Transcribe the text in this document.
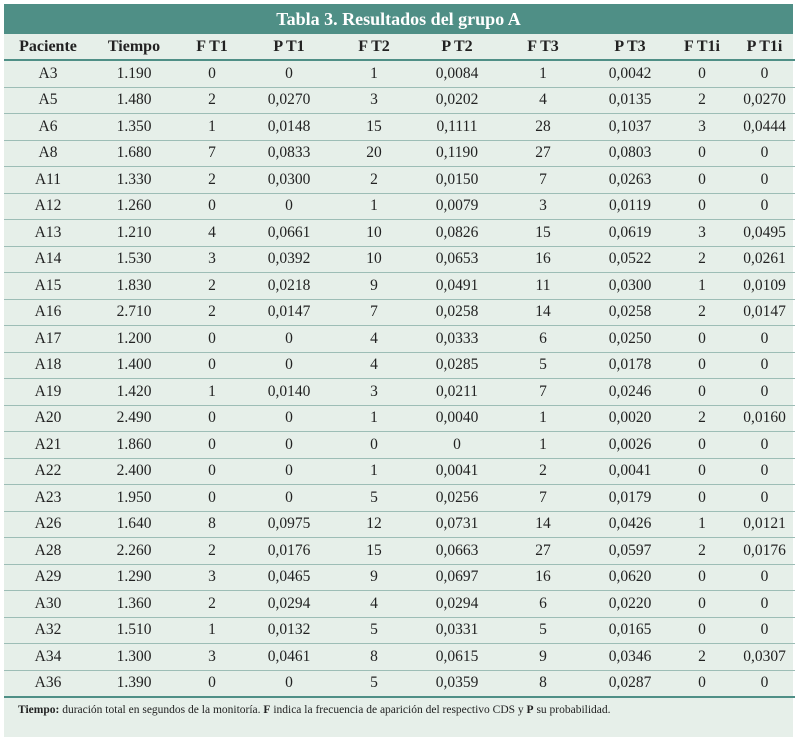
Tabla 3. Resultados del grupo A
Paciente	Tiempo	F T1	P T1	F T2	P T2	F T3	P T3	F T1i	P T1i
A3	1.190	0	0	1	0,0084	1	0,0042	0	0
A5	1.480	2	0,0270	3	0,0202	4	0,0135	2	0,0270
A6	1.350	1	0,0148	15	0,1111	28	0,1037	3	0,0444
A8	1.680	7	0,0833	20	0,1190	27	0,0803	0	0
A11	1.330	2	0,0300	2	0,0150	7	0,0263	0	0
A12	1.260	0	0	1	0,0079	3	0,0119	0	0
A13	1.210	4	0,0661	10	0,0826	15	0,0619	3	0,0495
A14	1.530	3	0,0392	10	0,0653	16	0,0522	2	0,0261
A15	1.830	2	0,0218	9	0,0491	11	0,0300	1	0,0109
A16	2.710	2	0,0147	7	0,0258	14	0,0258	2	0,0147
A17	1.200	0	0	4	0,0333	6	0,0250	0	0
A18	1.400	0	0	4	0,0285	5	0,0178	0	0
A19	1.420	1	0,0140	3	0,0211	7	0,0246	0	0
A20	2.490	0	0	1	0,0040	1	0,0020	2	0,0160
A21	1.860	0	0	0	0	1	0,0026	0	0
A22	2.400	0	0	1	0,0041	2	0,0041	0	0
A23	1.950	0	0	5	0,0256	7	0,0179	0	0
A26	1.640	8	0,0975	12	0,0731	14	0,0426	1	0,0121
A28	2.260	2	0,0176	15	0,0663	27	0,0597	2	0,0176
A29	1.290	3	0,0465	9	0,0697	16	0,0620	0	0
A30	1.360	2	0,0294	4	0,0294	6	0,0220	0	0
A32	1.510	1	0,0132	5	0,0331	5	0,0165	0	0
A34	1.300	3	0,0461	8	0,0615	9	0,0346	2	0,0307
A36	1.390	0	0	5	0,0359	8	0,0287	0	0
Tiempo: duración total en segundos de la monitoría. F indica la frecuencia de aparición del respectivo CDS y P su probabilidad.
